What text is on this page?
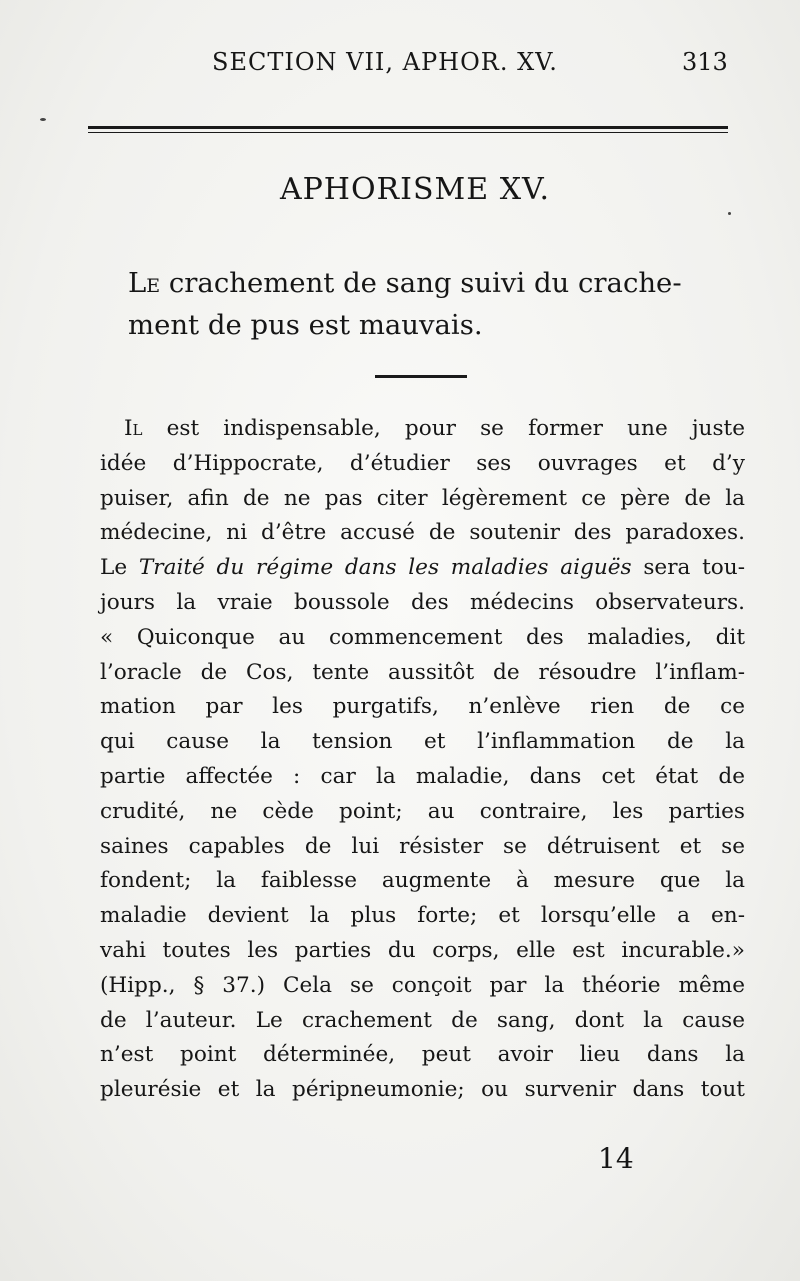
SECTION VII, APHOR. XV.	313
APHORISME XV.
Le crachement de sang suivi du crache-
ment de pus est mauvais.
Il est indispensable, pour se former une juste
idée d’Hippocrate, d’étudier ses ouvrages et d’y
puiser, afin de ne pas citer légèrement ce père de la
médecine, ni d’être accusé de soutenir des paradoxes.
Le Traité du régime dans les maladies aiguës sera tou-
jours la vraie boussole des médecins observateurs.
« Quiconque au commencement des maladies, dit
l’oracle de Cos, tente aussitôt de résoudre l’inflam-
mation par les purgatifs, n’enlève rien de ce
qui cause la tension et l’inflammation de la
partie affectée : car la maladie, dans cet état de
crudité, ne cède point; au contraire, les parties
saines capables de lui résister se détruisent et se
fondent; la faiblesse augmente à mesure que la
maladie devient la plus forte; et lorsqu’elle a en-
vahi toutes les parties du corps, elle est incurable.»
(Hipp., § 37.) Cela se conçoit par la théorie même
de l’auteur. Le crachement de sang, dont la cause
n’est point déterminée, peut avoir lieu dans la
pleurésie et la péripneumonie; ou survenir dans tout
14
